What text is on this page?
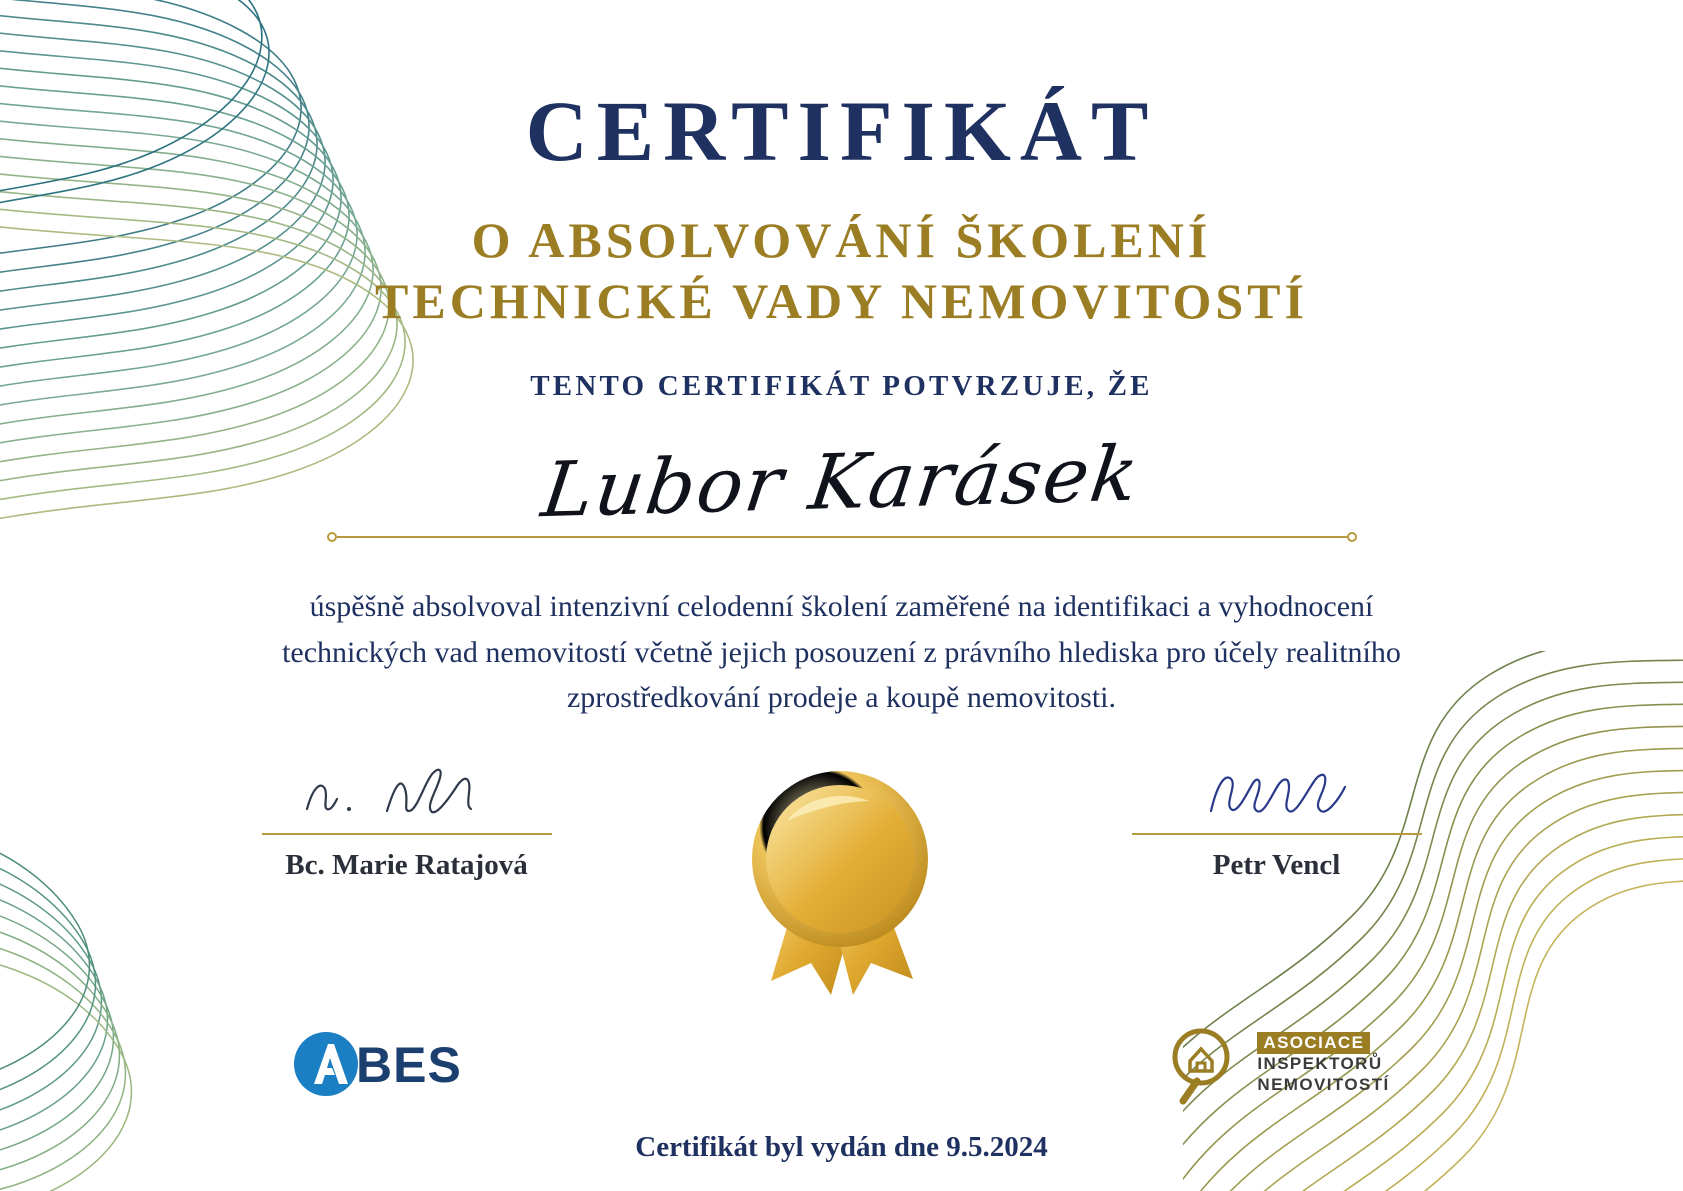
CERTIFIKÁT
O ABSOLVOVÁNÍ ŠKOLENÍ
TECHNICKÉ VADY NEMOVITOSTÍ
TENTO CERTIFIKÁT POTVRZUJE, ŽE
Lubor Karásek
úspěšně absolvoval intenzivní celodenní školení zaměřené na identifikaci a vyhodnocení technických vad nemovitostí včetně jejich posouzení z právního hlediska pro účely realitního zprostředkování prodeje a koupě nemovitosti.
Bc. Marie Ratajová	Petr Vencl
BES	ASOCIACE
INSPEKTORŮ
NEMOVITOSTÍ
Certifikát byl vydán dne 9.5.2024
